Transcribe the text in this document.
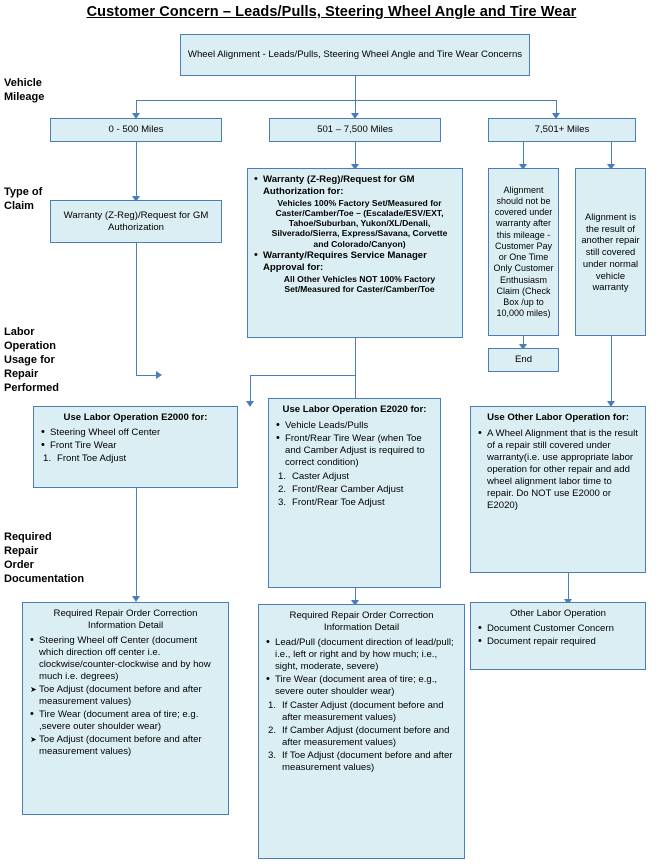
Customer Concern – Leads/Pulls, Steering Wheel Angle and Tire Wear
Vehicle
Mileage
Type of
Claim
Labor
Operation
Usage for
Repair
Performed
Required
Repair
Order
Documentation
Wheel Alignment - Leads/Pulls, Steering Wheel Angle and Tire Wear Concerns
0 - 500 Miles	501 – 7,500 Miles	7,501+ Miles
Warranty (Z-Reg)/Request for GM Authorization
• Warranty (Z-Reg)/Request for GM Authorization for:
Vehicles 100% Factory Set/Measured for Caster/Camber/Toe – (Escalade/ESV/EXT, Tahoe/Suburban, Yukon/XL/Denali, Silverado/Sierra, Express/Savana, Corvette and Colorado/Canyon)
• Warranty/Requires Service Manager Approval for:
All Other Vehicles NOT 100% Factory Set/Measured for Caster/Camber/Toe
Alignment should not be covered under warranty after this mileage - Customer Pay or One Time Only Customer Enthusiasm Claim (Check Box /up to 10,000 miles)
Alignment is the result of another repair still covered under normal vehicle warranty
End
Use Labor Operation E2000 for:
• Steering Wheel off Center
• Front Tire Wear
Front Toe Adjust
Use Labor Operation E2020 for:
• Vehicle Leads/Pulls
• Front/Rear Tire Wear (when Toe and Camber Adjust is required to correct condition)
Caster Adjust
Front/Rear Camber Adjust
Front/Rear Toe Adjust
Use Other Labor Operation for:
• A Wheel Alignment that is the result of a repair still covered under warranty(i.e. use appropriate labor operation for other repair and add wheel alignment labor time to repair. Do NOT use E2000 or E2020)
Required Repair Order Correction Information Detail
• Steering Wheel off Center (document which direction off center i.e. clockwise/counter-clockwise and by how much i.e. degrees)
➤ Toe Adjust (document before and after measurement values)
• Tire Wear (document area of tire; e.g. ,severe outer shoulder wear)
➤ Toe Adjust (document before and after measurement values)
Required Repair Order Correction Information Detail
• Lead/Pull (document direction of lead/pull; i.e., left or right and by how much; i.e., sight, moderate, severe)
• Tire Wear (document area of tire; e.g., severe outer shoulder wear)
If Caster Adjust (document before and after measurement values)
If Camber Adjust (document before and after measurement values)
If Toe Adjust (document before and after measurement values)
Other Labor Operation
• Document Customer Concern
• Document repair required
